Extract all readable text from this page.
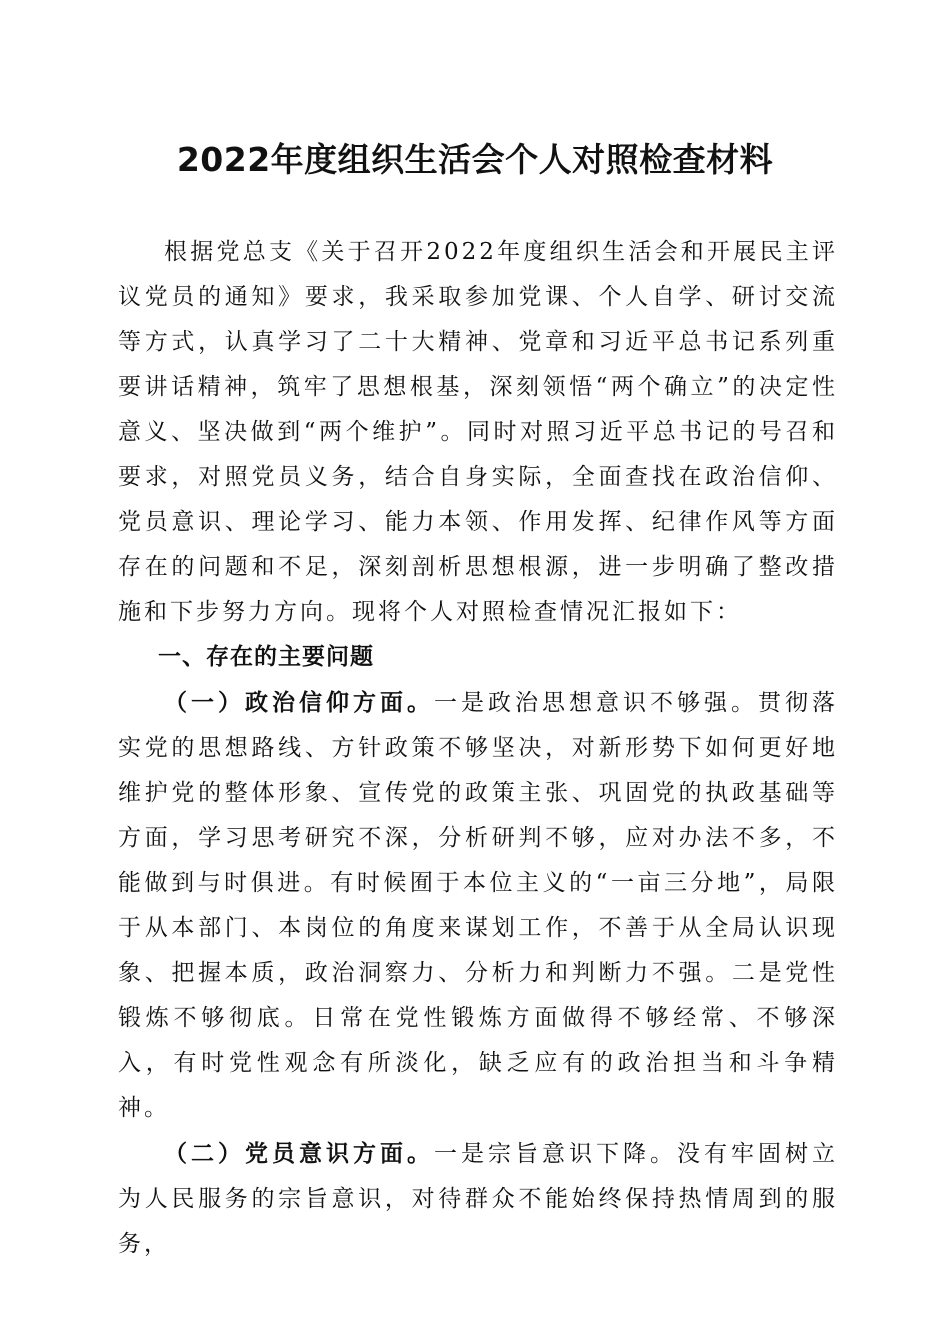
2022年度组织生活会个人对照检查材料

根据党总支《关于召开2022年度组织生活会和开展民主评议党员的通知》要求，我采取参加党课、个人自学、研讨交流等方式，认真学习了二十大精神、党章和习近平总书记系列重要讲话精神，筑牢了思想根基，深刻领悟“两个确立”的决定性意义、坚决做到“两个维护”。同时对照习近平总书记的号召和要求，对照党员义务，结合自身实际，全面查找在政治信仰、党员意识、理论学习、能力本领、作用发挥、纪律作风等方面存在的问题和不足，深刻剖析思想根源，进一步明确了整改措施和下步努力方向。现将个人对照检查情况汇报如下：

一、存在的主要问题

（一）政治信仰方面。一是政治思想意识不够强。贯彻落实党的思想路线、方针政策不够坚决，对新形势下如何更好地维护党的整体形象、宣传党的政策主张、巩固党的执政基础等方面，学习思考研究不深，分析研判不够，应对办法不多，不能做到与时俱进。有时候囿于本位主义的“一亩三分地”，局限于从本部门、本岗位的角度来谋划工作，不善于从全局认识现象、把握本质，政治洞察力、分析力和判断力不强。二是党性锻炼不够彻底。日常在党性锻炼方面做得不够经常、不够深入，有时党性观念有所淡化，缺乏应有的政治担当和斗争精神。

（二）党员意识方面。一是宗旨意识下降。没有牢固树立为人民服务的宗旨意识，对待群众不能始终保持热情周到的服务，
